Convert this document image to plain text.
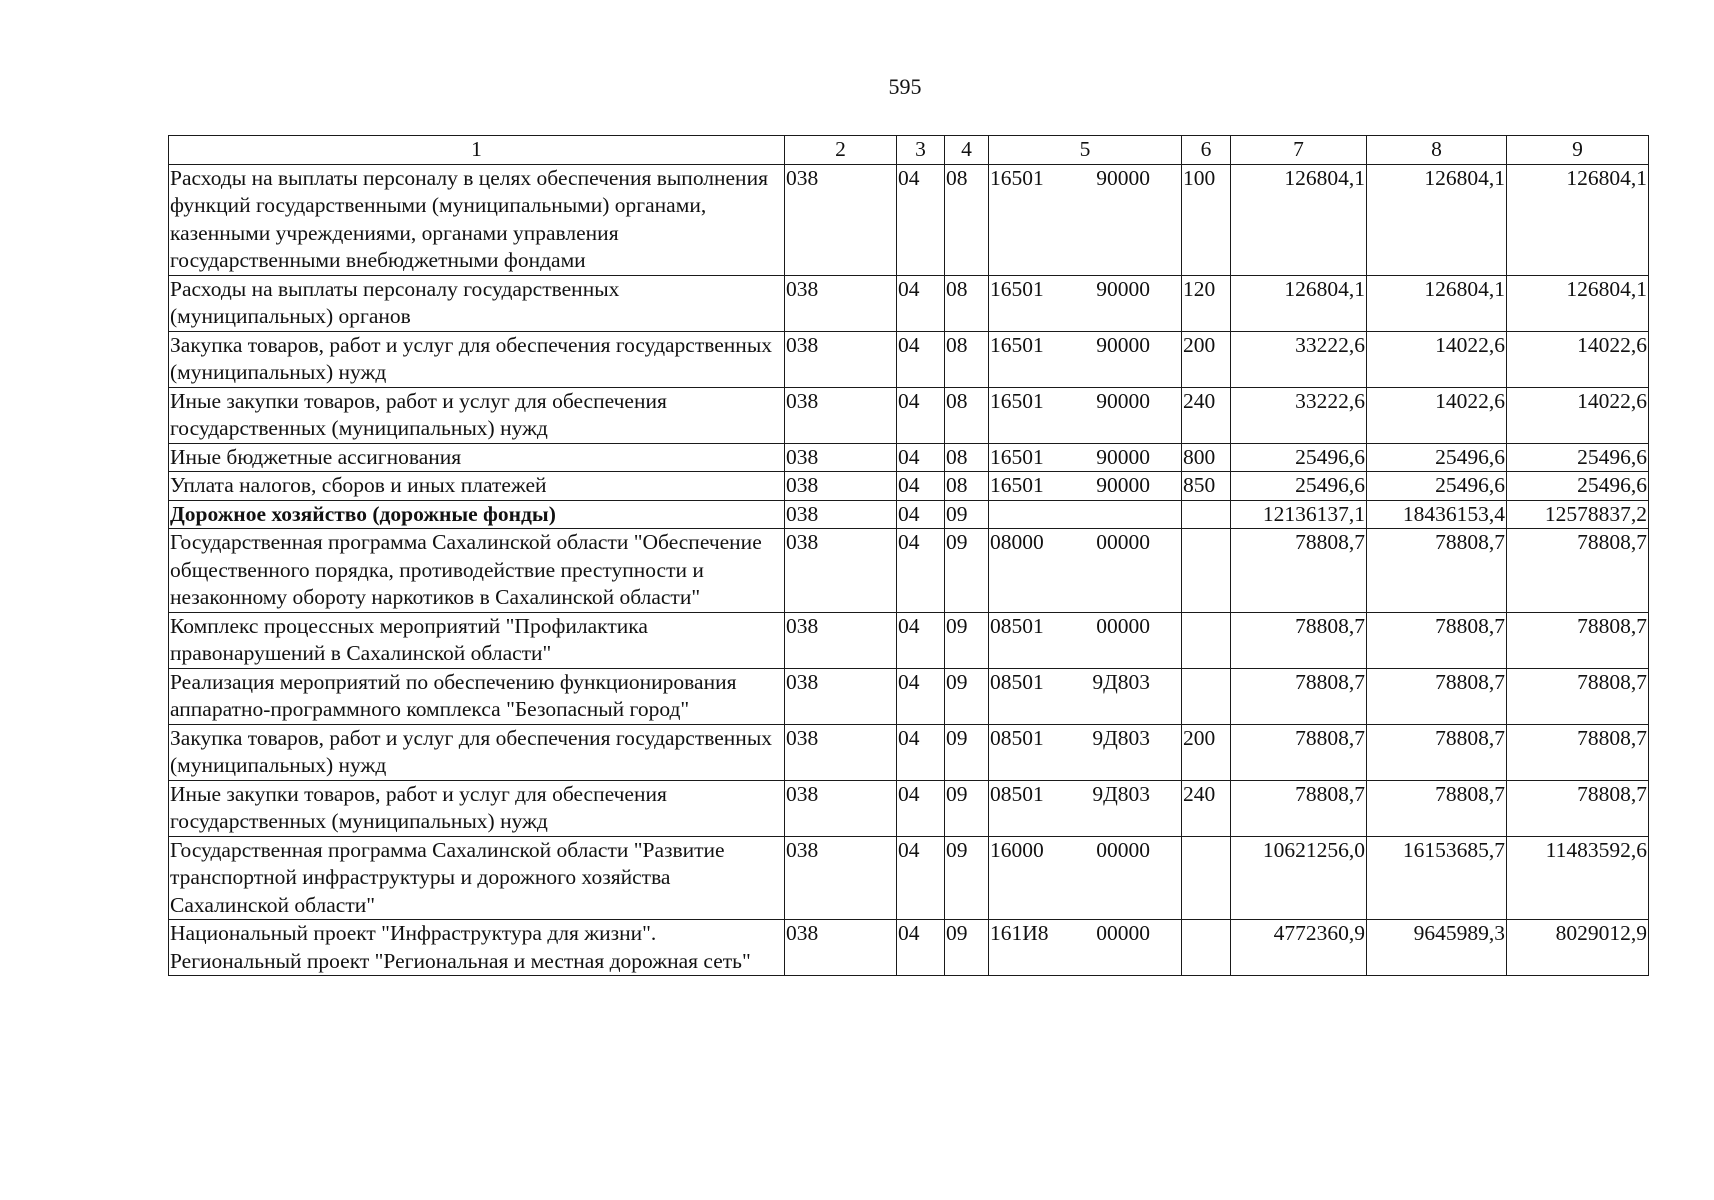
595
1	2	3	4	5	6	7	8	9
Расходы на выплаты персоналу в целях обеспечения выполнения функций государственными (муниципальными) органами, казенными учреждениями, органами управления государственными внебюджетными фондами	038	04	08	16501 90000	100	126804,1	126804,1	126804,1
Расходы на выплаты персоналу государственных (муниципальных) органов	038	04	08	16501 90000	120	126804,1	126804,1	126804,1
Закупка товаров, работ и услуг для обеспечения государственных (муниципальных) нужд	038	04	08	16501 90000	200	33222,6	14022,6	14022,6
Иные закупки товаров, работ и услуг для обеспечения государственных (муниципальных) нужд	038	04	08	16501 90000	240	33222,6	14022,6	14022,6
Иные бюджетные ассигнования	038	04	08	16501 90000	800	25496,6	25496,6	25496,6
Уплата налогов, сборов и иных платежей	038	04	08	16501 90000	850	25496,6	25496,6	25496,6
Дорожное хозяйство (дорожные фонды)	038	04	09			12136137,1	18436153,4	12578837,2
Государственная программа Сахалинской области "Обеспечение общественного порядка, противодействие преступности и незаконному обороту наркотиков в Сахалинской области"	038	04	09	08000 00000		78808,7	78808,7	78808,7
Комплекс процессных мероприятий "Профилактика правонарушений в Сахалинской области"	038	04	09	08501 00000		78808,7	78808,7	78808,7
Реализация мероприятий по обеспечению функционирования аппаратно-программного комплекса "Безопасный город"	038	04	09	08501 9Д803		78808,7	78808,7	78808,7
Закупка товаров, работ и услуг для обеспечения государственных (муниципальных) нужд	038	04	09	08501 9Д803	200	78808,7	78808,7	78808,7
Иные закупки товаров, работ и услуг для обеспечения государственных (муниципальных) нужд	038	04	09	08501 9Д803	240	78808,7	78808,7	78808,7
Государственная программа Сахалинской области "Развитие транспортной инфраструктуры и дорожного хозяйства Сахалинской области"	038	04	09	16000 00000		10621256,0	16153685,7	11483592,6
Национальный проект "Инфраструктура для жизни". Региональный проект "Региональная и местная дорожная сеть"	038	04	09	161И8 00000		4772360,9	9645989,3	8029012,9
